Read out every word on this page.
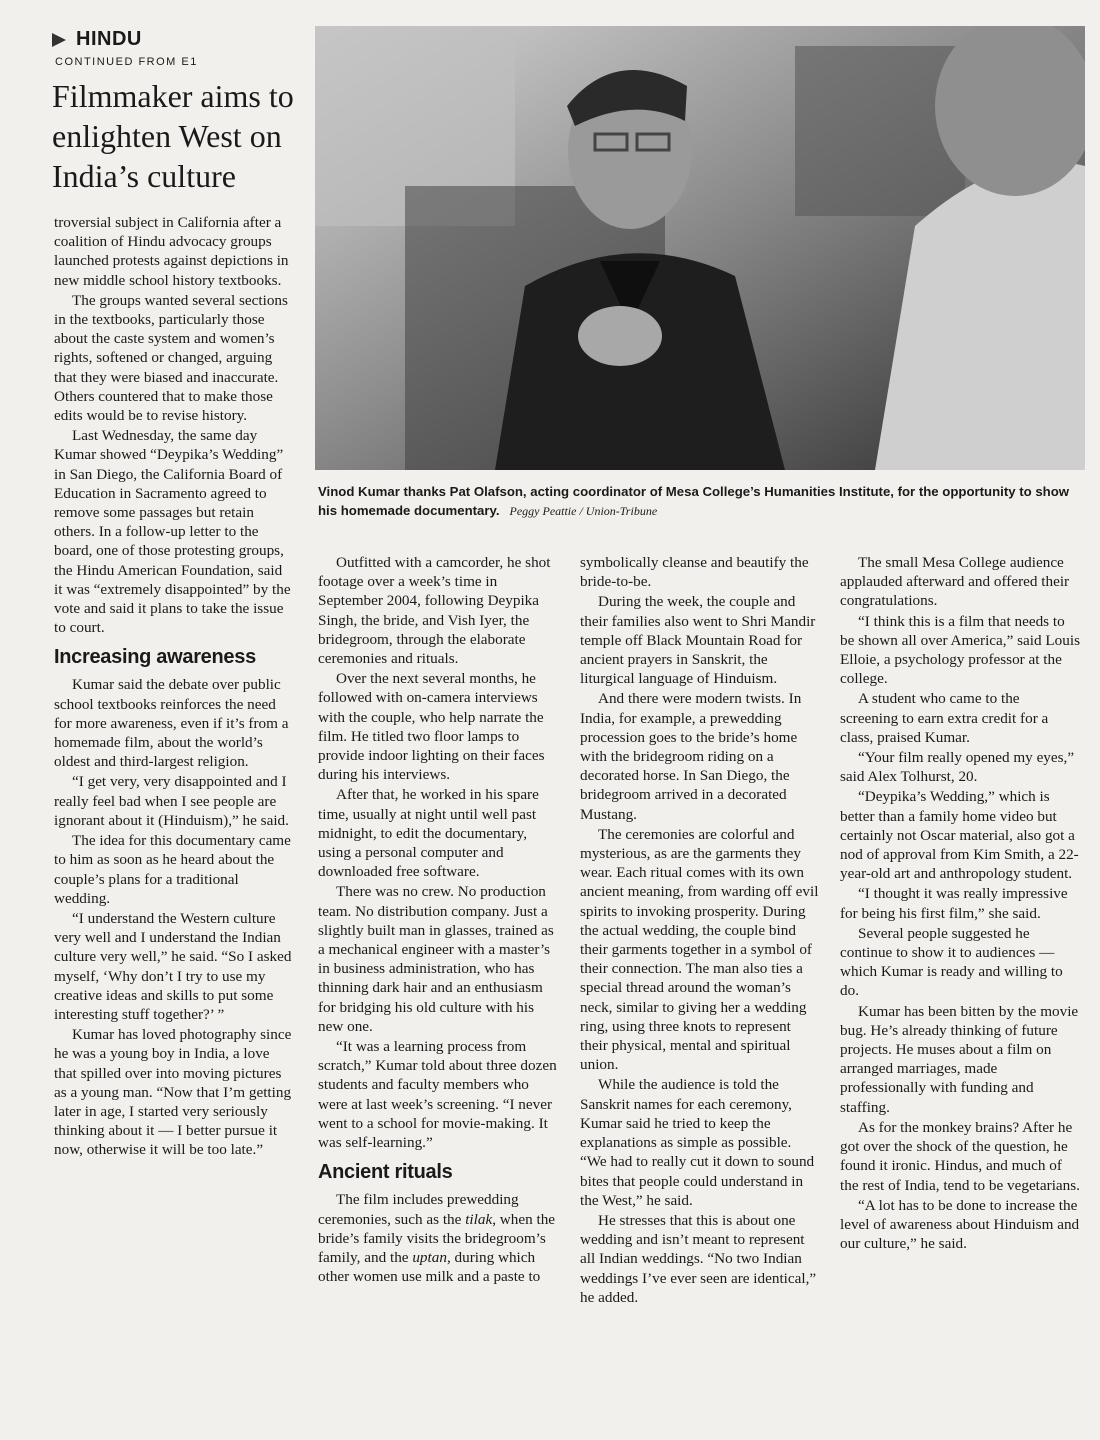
HINDU
CONTINUED FROM E1
Filmmaker aims to enlighten West on India’s culture
Vinod Kumar thanks Pat Olafson, acting coordinator of Mesa College’s Humanities Institute, for the opportunity to show his homemade documentary. Peggy Peattie / Union-Tribune

troversial subject in California after a coalition of Hindu advocacy groups launched protests against depictions in new middle school history textbooks.

The groups wanted several sections in the textbooks, particularly those about the caste system and women’s rights, softened or changed, arguing that they were biased and inaccurate. Others countered that to make those edits would be to revise history.

Last Wednesday, the same day Kumar showed “Deypika’s Wedding” in San Diego, the California Board of Education in Sacramento agreed to remove some passages but retain others. In a follow-up letter to the board, one of those protesting groups, the Hindu American Foundation, said it was “extremely disappointed” by the vote and said it plans to take the issue to court.

Increasing awareness

Kumar said the debate over public school textbooks reinforces the need for more awareness, even if it’s from a homemade film, about the world’s oldest and third-largest religion.

“I get very, very disappointed and I really feel bad when I see people are ignorant about it (Hinduism),” he said.

The idea for this documentary came to him as soon as he heard about the couple’s plans for a traditional wedding.

“I understand the Western culture very well and I understand the Indian culture very well,” he said. “So I asked myself, ‘Why don’t I try to use my creative ideas and skills to put some interesting stuff together?’ ”

Kumar has loved photography since he was a young boy in India, a love that spilled over into moving pictures as a young man. “Now that I’m getting later in age, I started very seriously thinking about it — I better pursue it now, otherwise it will be too late.”

Outfitted with a camcorder, he shot footage over a week’s time in September 2004, following Deypika Singh, the bride, and Vish Iyer, the bridegroom, through the elaborate ceremonies and rituals.

Over the next several months, he followed with on-camera interviews with the couple, who help narrate the film. He titled two floor lamps to provide indoor lighting on their faces during his interviews.

After that, he worked in his spare time, usually at night until well past midnight, to edit the documentary, using a personal computer and downloaded free software.

There was no crew. No production team. No distribution company. Just a slightly built man in glasses, trained as a mechanical engineer with a master’s in business administration, who has thinning dark hair and an enthusiasm for bridging his old culture with his new one.

“It was a learning process from scratch,” Kumar told about three dozen students and faculty members who were at last week’s screening. “I never went to a school for movie-making. It was self-learning.”

Ancient rituals

The film includes prewedding ceremonies, such as the tilak, when the bride’s family visits the bridegroom’s family, and the uptan, during which other women use milk and a paste to

symbolically cleanse and beautify the bride-to-be.

During the week, the couple and their families also went to Shri Mandir temple off Black Mountain Road for ancient prayers in Sanskrit, the liturgical language of Hinduism.

And there were modern twists. In India, for example, a prewedding procession goes to the bride’s home with the bridegroom riding on a decorated horse. In San Diego, the bridegroom arrived in a decorated Mustang.

The ceremonies are colorful and mysterious, as are the garments they wear. Each ritual comes with its own ancient meaning, from warding off evil spirits to invoking prosperity. During the actual wedding, the couple bind their garments together in a symbol of their connection. The man also ties a special thread around the woman’s neck, similar to giving her a wedding ring, using three knots to represent their physical, mental and spiritual union.

While the audience is told the Sanskrit names for each ceremony, Kumar said he tried to keep the explanations as simple as possible. “We had to really cut it down to sound bites that people could understand in the West,” he said.

He stresses that this is about one wedding and isn’t meant to represent all Indian weddings. “No two Indian weddings I’ve ever seen are identical,” he added.

The small Mesa College audience applauded afterward and offered their congratulations.

“I think this is a film that needs to be shown all over America,” said Louis Elloie, a psychology professor at the college.

A student who came to the screening to earn extra credit for a class, praised Kumar.

“Your film really opened my eyes,” said Alex Tolhurst, 20.

“Deypika’s Wedding,” which is better than a family home video but certainly not Oscar material, also got a nod of approval from Kim Smith, a 22-year-old art and anthropology student.

“I thought it was really impressive for being his first film,” she said.

Several people suggested he continue to show it to audiences — which Kumar is ready and willing to do.

Kumar has been bitten by the movie bug. He’s already thinking of future projects. He muses about a film on arranged marriages, made professionally with funding and staffing.

As for the monkey brains? After he got over the shock of the question, he found it ironic. Hindus, and much of the rest of India, tend to be vegetarians.

“A lot has to be done to increase the level of awareness about Hinduism and our culture,” he said.
